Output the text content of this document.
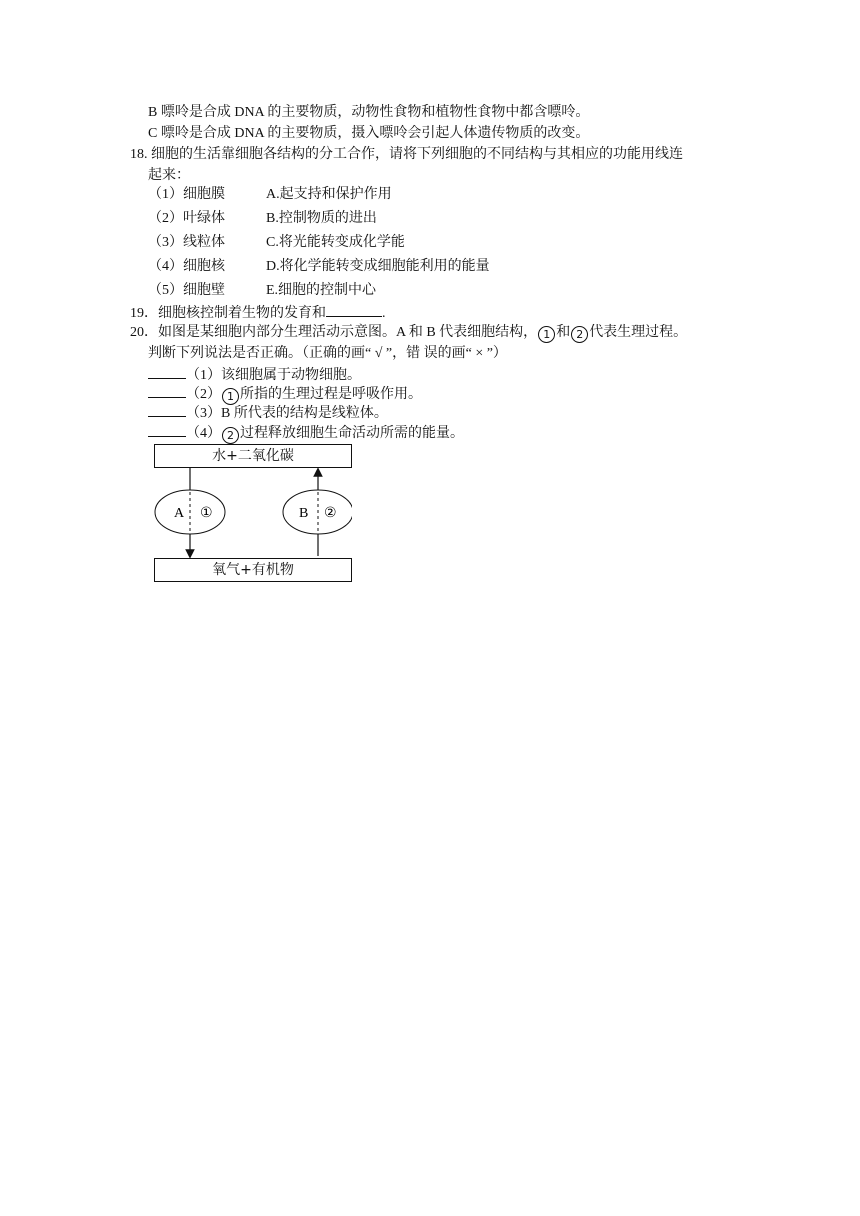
B 嘌呤是合成 DNA 的主要物质，动物性食物和植物性食物中都含嘌呤。
C 嘌呤是合成 DNA 的主要物质，摄入嘌呤会引起人体遗传物质的改变。
18. 细胞的生活靠细胞各结构的分工合作，请将下列细胞的不同结构与其相应的功能用线连
起来：
（1）细胞膜
（2）叶绿体
（3）线粒体
（4）细胞核
（5）细胞壁
A.起支持和保护作用
B.控制物质的进出
C.将光能转变成化学能
D.将化学能转变成细胞能利用的能量
E.细胞的控制中心
19．细胞核控制着生物的发育和	.
20．如图是某细胞内部分生理活动示意图。A 和 B 代表细胞结构， 1 和 2 代表生理过程。
判断下列说法是否正确。（正确的画“ √ ”，错 误的画“ × ”）
（1）该细胞属于动物细胞。
（2） 1 所指的生理过程是呼吸作用。
（3）B 所代表的结构是线粒体。
（4） 2 过程释放细胞生命活动所需的能量。
水+二氧化碳
氧气+有机物
A ①	B ②
